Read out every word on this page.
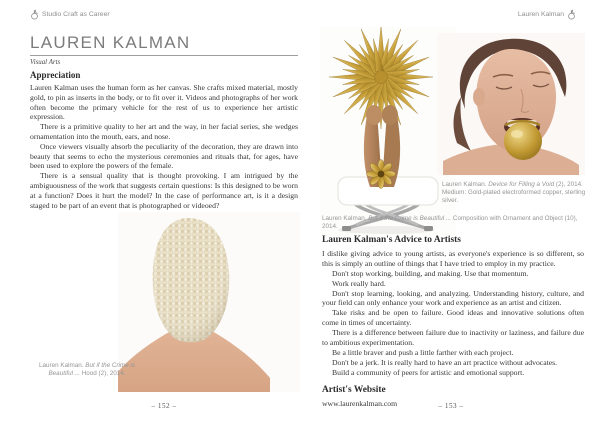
Studio Craft as Career	Lauren Kalman
LAUREN KALMAN
Visual Arts
Appreciation

Lauren Kalman uses the human form as her canvas. She crafts mixed material, mostly gold, to pin as inserts in the body, or to fit over it. Videos and photographs of her work often become the primary vehicle for the rest of us to experience her artistic expression.

There is a primitive quality to her art and the way, in her facial series, she wedges ornamentation into the mouth, ears, and nose.

Once viewers visually absorb the peculiarity of the decoration, they are drawn into beauty that seems to echo the mysterious ceremonies and rituals that, for ages, have been used to explore the powers of the female.

There is a sensual quality that is thought provoking. I am intrigued by the ambiguousness of the work that suggests certain questions: Is this designed to be worn at a function? Does it hurt the model? In the case of performance art, is it a design staged to be part of an event that is photographed or videoed?

Lauren Kalman. But if the Crime is Beautiful ... Hood (2), 2014.
– 152 –
Lauren Kalman. Device for Filling a Void (2), 2014. Medium: Gold-plated electroformed copper, sterling silver.
Lauren Kalman. But if the Crime is Beautiful ... Composition with Ornament and Object (10), 2014.

Lauren Kalman's Advice to Artists

I dislike giving advice to young artists, as everyone's experience is so different, so this is simply an outline of things that I have tried to employ in my practice.

Don't stop working, building, and making. Use that momentum.

Work really hard.

Don't stop learning, looking, and analyzing. Understanding history, culture, and your field can only enhance your work and experience as an artist and citizen.

Take risks and be open to failure. Good ideas and innovative solutions often come in times of uncertainty.

There is a difference between failure due to inactivity or laziness, and failure due to ambitious experimentation.

Be a little braver and push a little farther with each project.

Don't be a jerk. It is really hard to have an art practice without advocates.

Build a community of peers for artistic and emotional support.

Artist's Website

www.laurenkalman.com	– 153 –
